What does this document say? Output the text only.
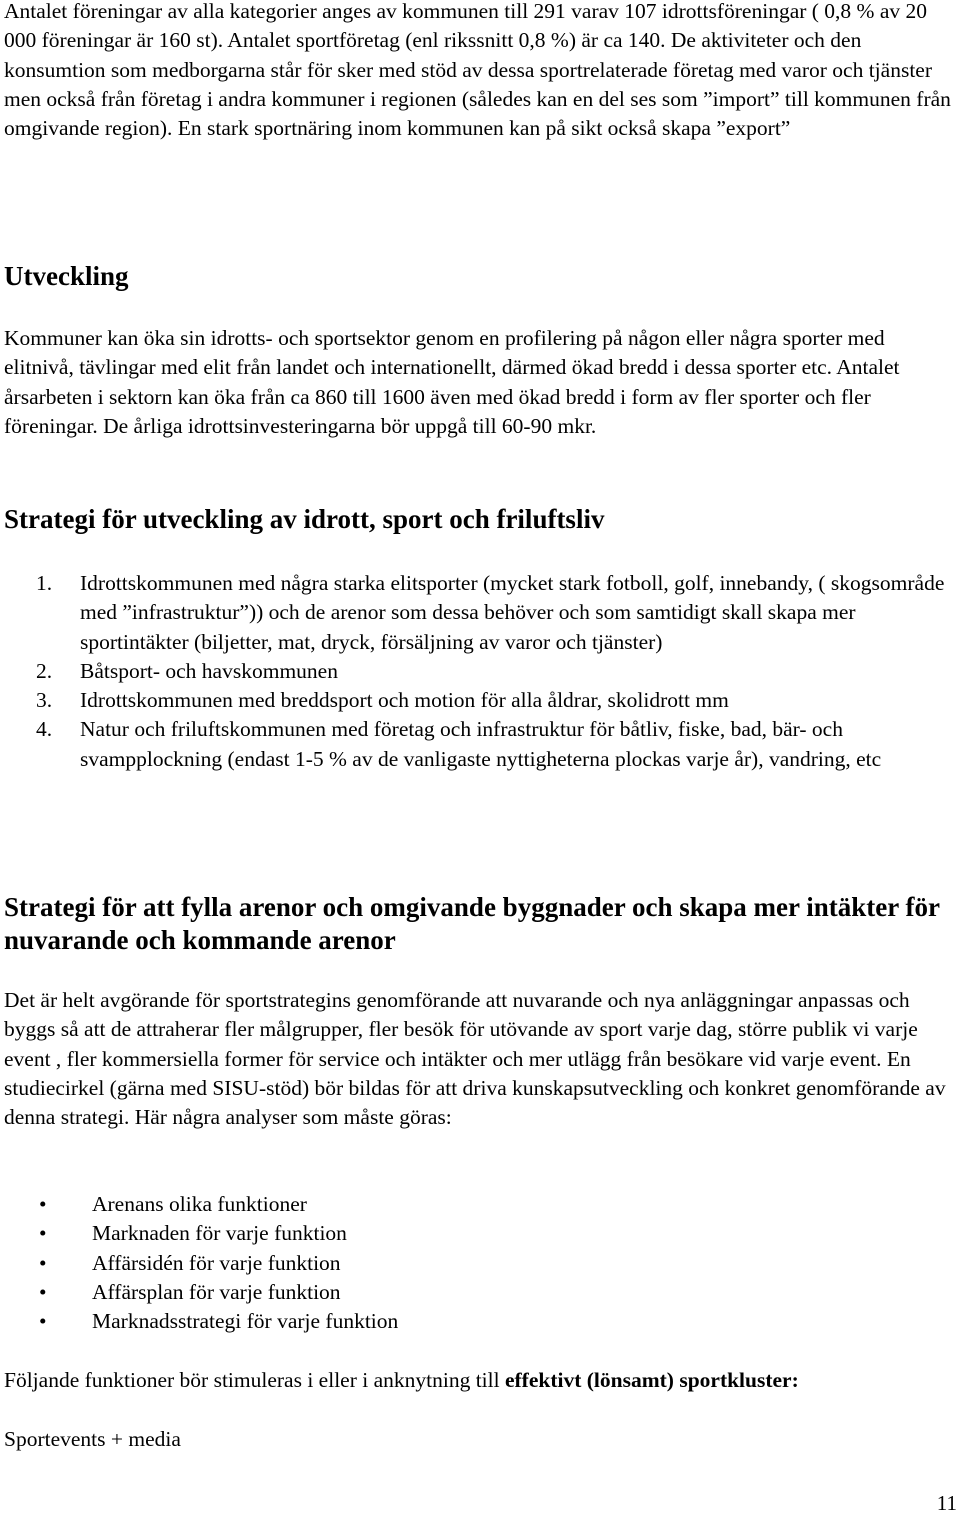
Antalet föreningar av alla kategorier anges av kommunen till 291 varav 107 idrottsföreningar ( 0,8 % av 20 000 föreningar är 160 st). Antalet sportföretag (enl rikssnitt 0,8 %) är ca 140. De aktiviteter och den konsumtion som medborgarna står för sker med stöd av dessa sportrelaterade företag med varor och tjänster men också från företag i andra kommuner i regionen (således kan en del ses som ”import” till kommunen från omgivande region). En stark sportnäring inom kommunen kan på sikt också skapa ”export”

Utveckling

Kommuner kan öka sin idrotts- och sportsektor genom en profilering på någon eller några sporter med elitnivå, tävlingar med elit från landet och internationellt, därmed ökad bredd i dessa sporter etc. Antalet årsarbeten i sektorn kan öka från ca 860 till 1600 även med ökad bredd i form av fler sporter och fler föreningar. De årliga idrottsinvesteringarna bör uppgå till 60-90 mkr.

Strategi för utveckling av idrott, sport och friluftsliv
1. Idrottskommunen med några starka elitsporter (mycket stark fotboll, golf, innebandy, ( skogsområde med ”infrastruktur”)) och de arenor som dessa behöver och som samtidigt skall skapa mer sportintäkter (biljetter, mat, dryck, försäljning av varor och tjänster)
2. Båtsport- och havskommunen
3. Idrottskommunen med breddsport och motion för alla åldrar, skolidrott mm
4. Natur och friluftskommunen med företag och infrastruktur för båtliv, fiske, bad, bär- och svampplockning (endast 1-5 % av de vanligaste nyttigheterna plockas varje år), vandring, etc
Strategi för att fylla arenor och omgivande byggnader och skapa mer intäkter för nuvarande och kommande arenor

Det är helt avgörande för sportstrategins genomförande att nuvarande och nya anläggningar anpassas och byggs så att de attraherar fler målgrupper, fler besök för utövande av sport varje dag, större publik vi varje event , fler kommersiella former för service och intäkter och mer utlägg från besökare vid varje event. En studiecirkel (gärna med SISU-stöd) bör bildas för att driva kunskapsutveckling och konkret genomförande av denna strategi. Här några analyser som måste göras:

• Arenans olika funktioner
• Marknaden för varje funktion
• Affärsidén för varje funktion
• Affärsplan för varje funktion
• Marknadsstrategi för varje funktion

Följande funktioner bör stimuleras i eller i anknytning till effektivt (lönsamt) sportkluster:

Sportevents + media

11
